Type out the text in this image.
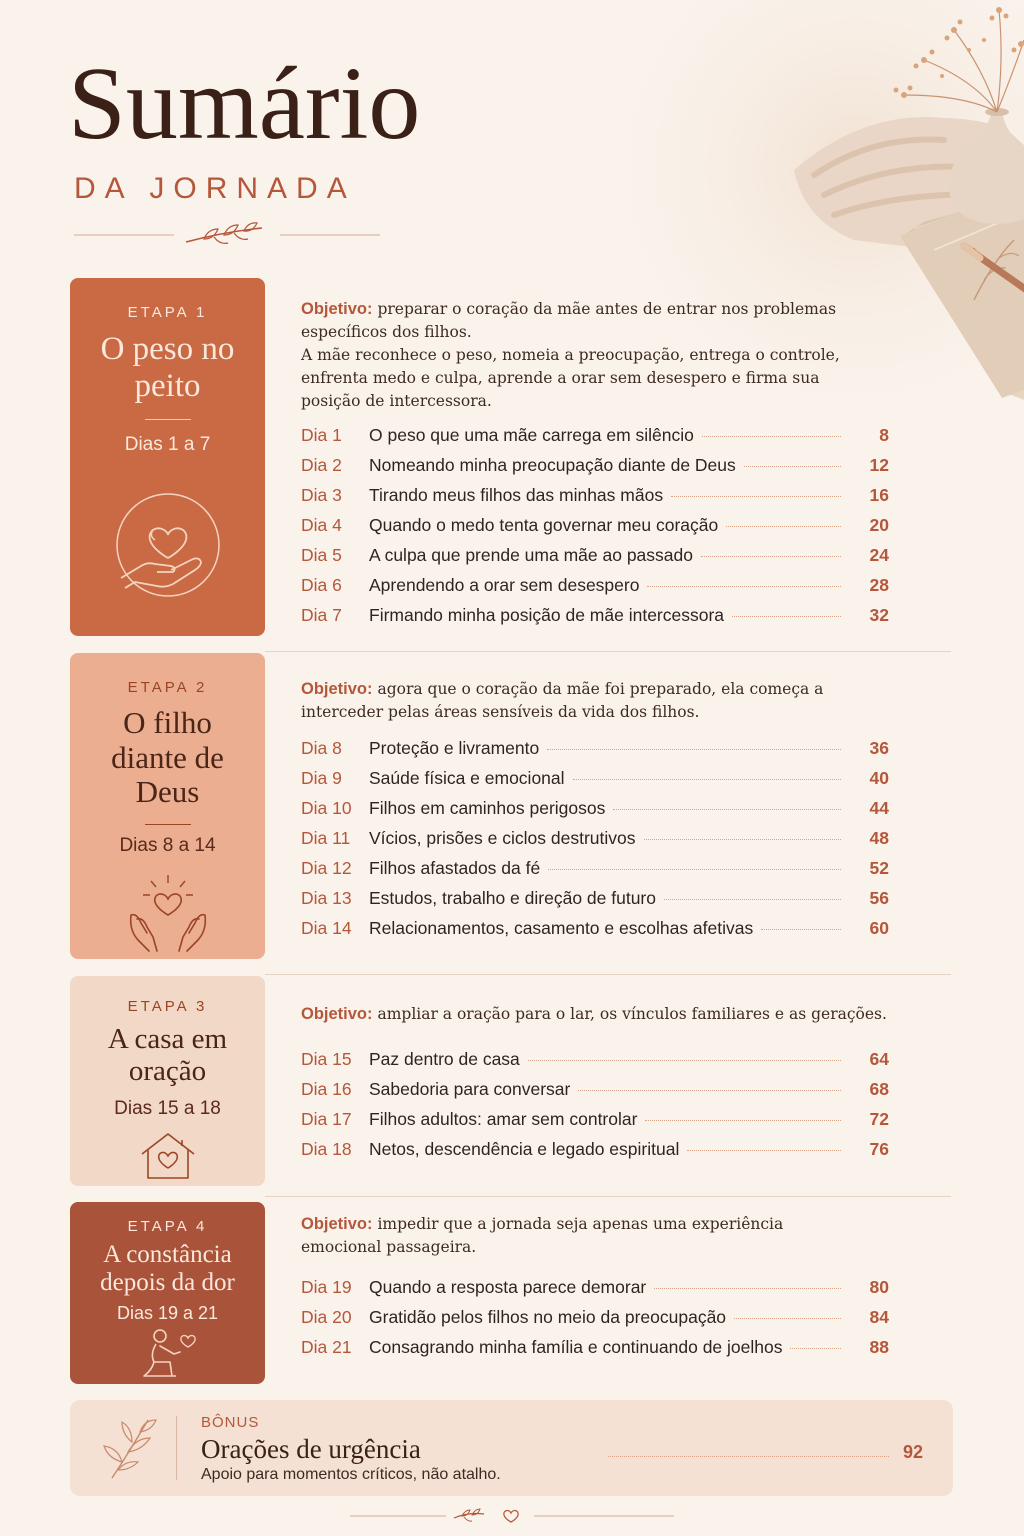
Sumário
DA JORNADA
ETAPA 1
O peso no peito
Dias 1 a 7
Objetivo: preparar o coração da mãe antes de entrar nos problemas específicos dos filhos.
A mãe reconhece o peso, nomeia a preocupação, entrega o controle, enfrenta medo e culpa, aprende a orar sem desespero e firma sua posição de intercessora.
Dia 1	O peso que uma mãe carrega em silêncio	8
Dia 2	Nomeando minha preocupação diante de Deus	12
Dia 3	Tirando meus filhos das minhas mãos	16
Dia 4	Quando o medo tenta governar meu coração	20
Dia 5	A culpa que prende uma mãe ao passado	24
Dia 6	Aprendendo a orar sem desespero	28
Dia 7	Firmando minha posição de mãe intercessora	32
ETAPA 2
O filho diante de Deus
Dias 8 a 14
Objetivo: agora que o coração da mãe foi preparado, ela começa a interceder pelas áreas sensíveis da vida dos filhos.
Dia 8	Proteção e livramento	36
Dia 9	Saúde física e emocional	40
Dia 10 Filhos em caminhos perigosos	44
Dia 11	Vícios, prisões e ciclos destrutivos	48
Dia 12 Filhos afastados da fé	52
Dia 13 Estudos, trabalho e direção de futuro	56
Dia 14 Relacionamentos, casamento e escolhas afetivas	60
ETAPA 3
A casa em oração
Dias 15 a 18
Objetivo: ampliar a oração para o lar, os vínculos familiares e as gerações.
Dia 15 Paz dentro de casa	64
Dia 16 Sabedoria para conversar	68
Dia 17 Filhos adultos: amar sem controlar	72
Dia 18 Netos, descendência e legado espiritual	76
ETAPA 4
A constância depois da dor
Dias 19 a 21
Objetivo: impedir que a jornada seja apenas uma experiência emocional passageira.
Dia 19 Quando a resposta parece demorar	80
Dia 20 Gratidão pelos filhos no meio da preocupação	84
Dia 21 Consagrando minha família e continuando de joelhos	88
BÔNUS
Orações de urgência
Apoio para momentos críticos, não atalho.
92
